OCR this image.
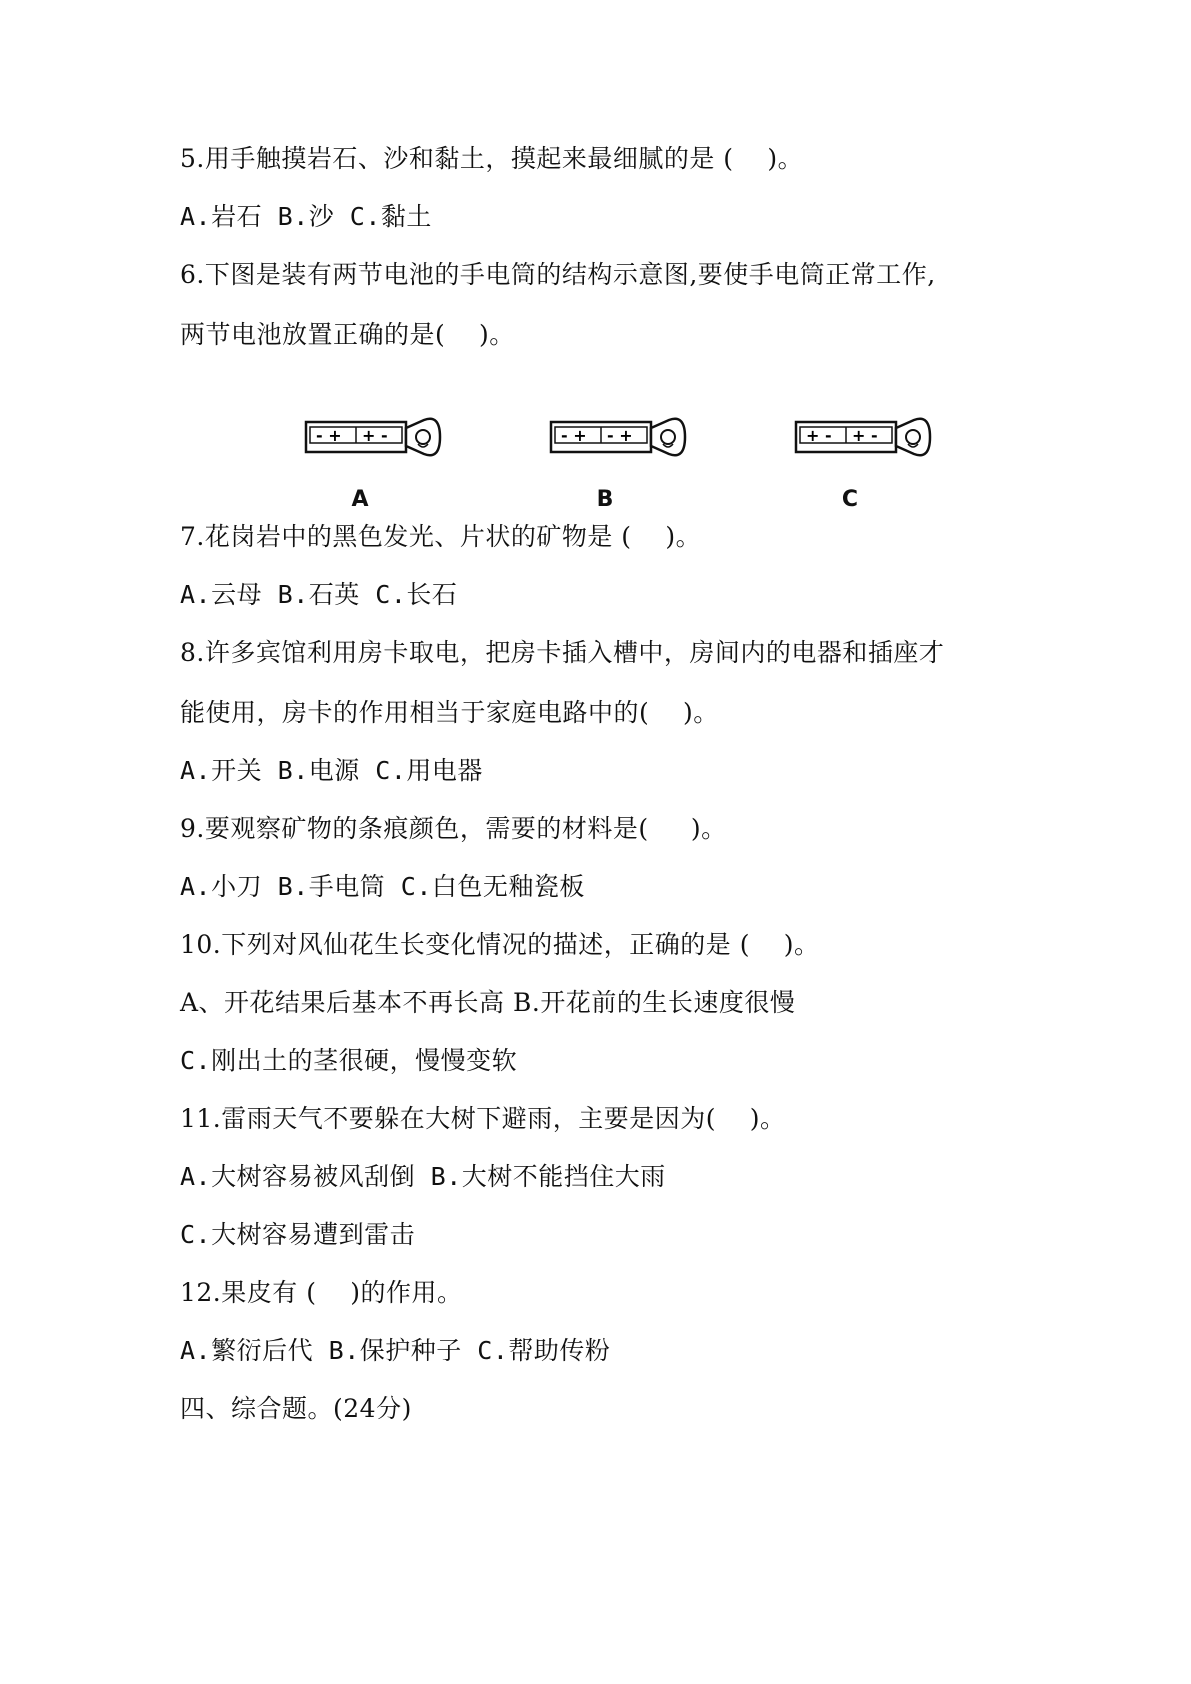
5.用手触摸岩石、沙和黏土，摸起来最细腻的是 (    )。
A.岩石 B.沙 C.黏土
6.下图是装有两节电池的手电筒的结构示意图,要使手电筒正常工作,
两节电池放置正确的是(    )。
- + + -
A
- + - +
B
+ - + -
C
7.花岗岩中的黑色发光、片状的矿物是 (    )。
A.云母 B.石英 C.长石
8.许多宾馆利用房卡取电，把房卡插入槽中，房间内的电器和插座才
能使用，房卡的作用相当于家庭电路中的(    )。
A.开关 B.电源 C.用电器
9.要观察矿物的条痕颜色，需要的材料是(     )。
A.小刀 B.手电筒 C.白色无釉瓷板
10.下列对风仙花生长变化情况的描述，正确的是 (    )。
A、开花结果后基本不再长高 B.开花前的生长速度很慢
C.刚出土的茎很硬，慢慢变软
11.雷雨天气不要躲在大树下避雨，主要是因为(    )。
A.大树容易被风刮倒 B.大树不能挡住大雨
C.大树容易遭到雷击
12.果皮有 (    )的作用。
A.繁衍后代 B.保护种子 C.帮助传粉
四、综合题。(24分)
